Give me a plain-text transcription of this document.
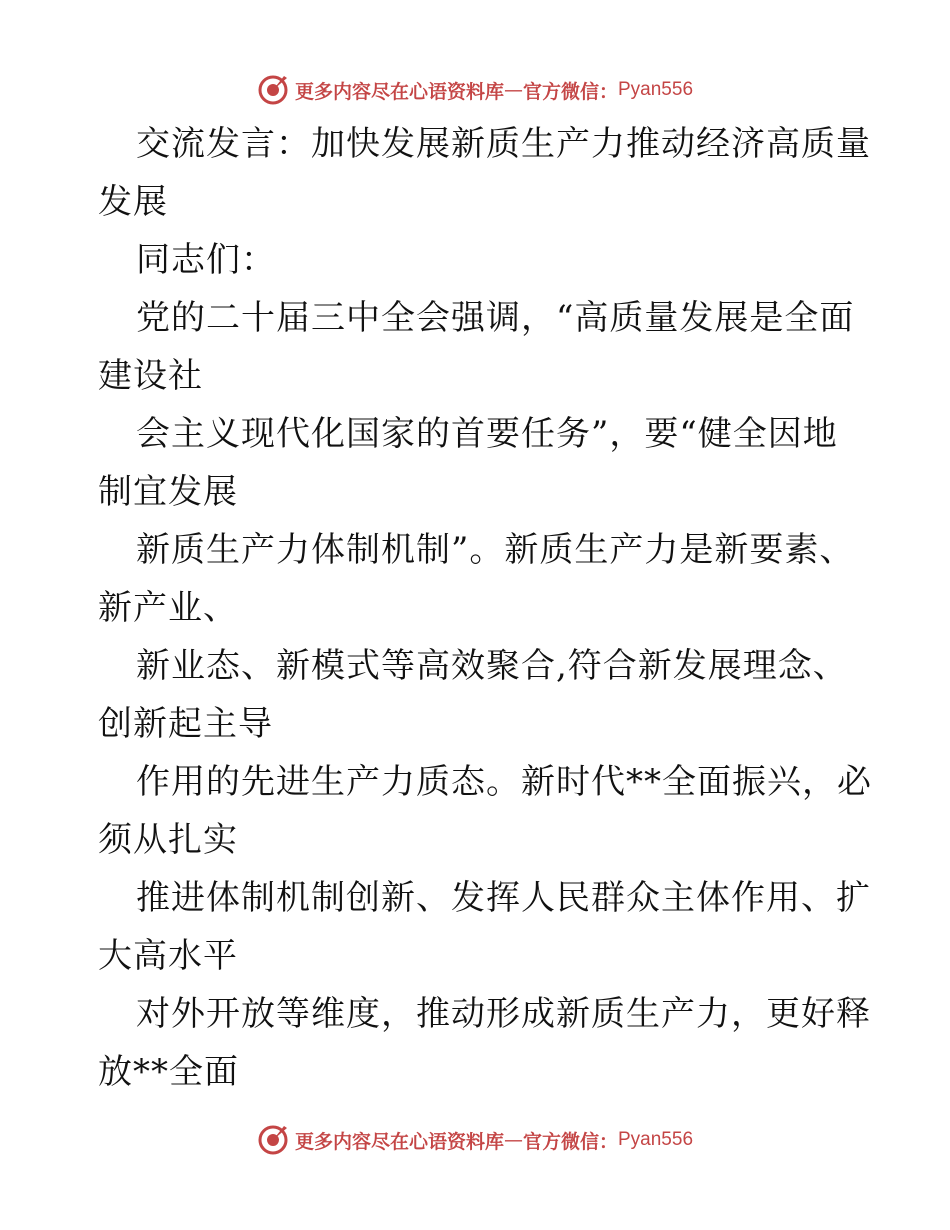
更多内容尽在心语资料库 — 官方微信： Pyan556

交流发言：加快发展新质生产力推动经济高质量

发展

同志们：

党的二十届三中全会强调，“高质量发展是全面

建设社

会主义现代化国家的首要任务”，要“健全因地

制宜发展

新质生产力体制机制”。新质生产力是新要素、

新产业、

新业态、新模式等高效聚合,符合新发展理念、

创新起主导

作用的先进生产力质态。新时代**全面振兴，必

须从扎实

推进体制机制创新、发挥人民群众主体作用、扩

大高水平

对外开放等维度，推动形成新质生产力，更好释

放**全面

更多内容尽在心语资料库 — 官方微信： Pyan556
